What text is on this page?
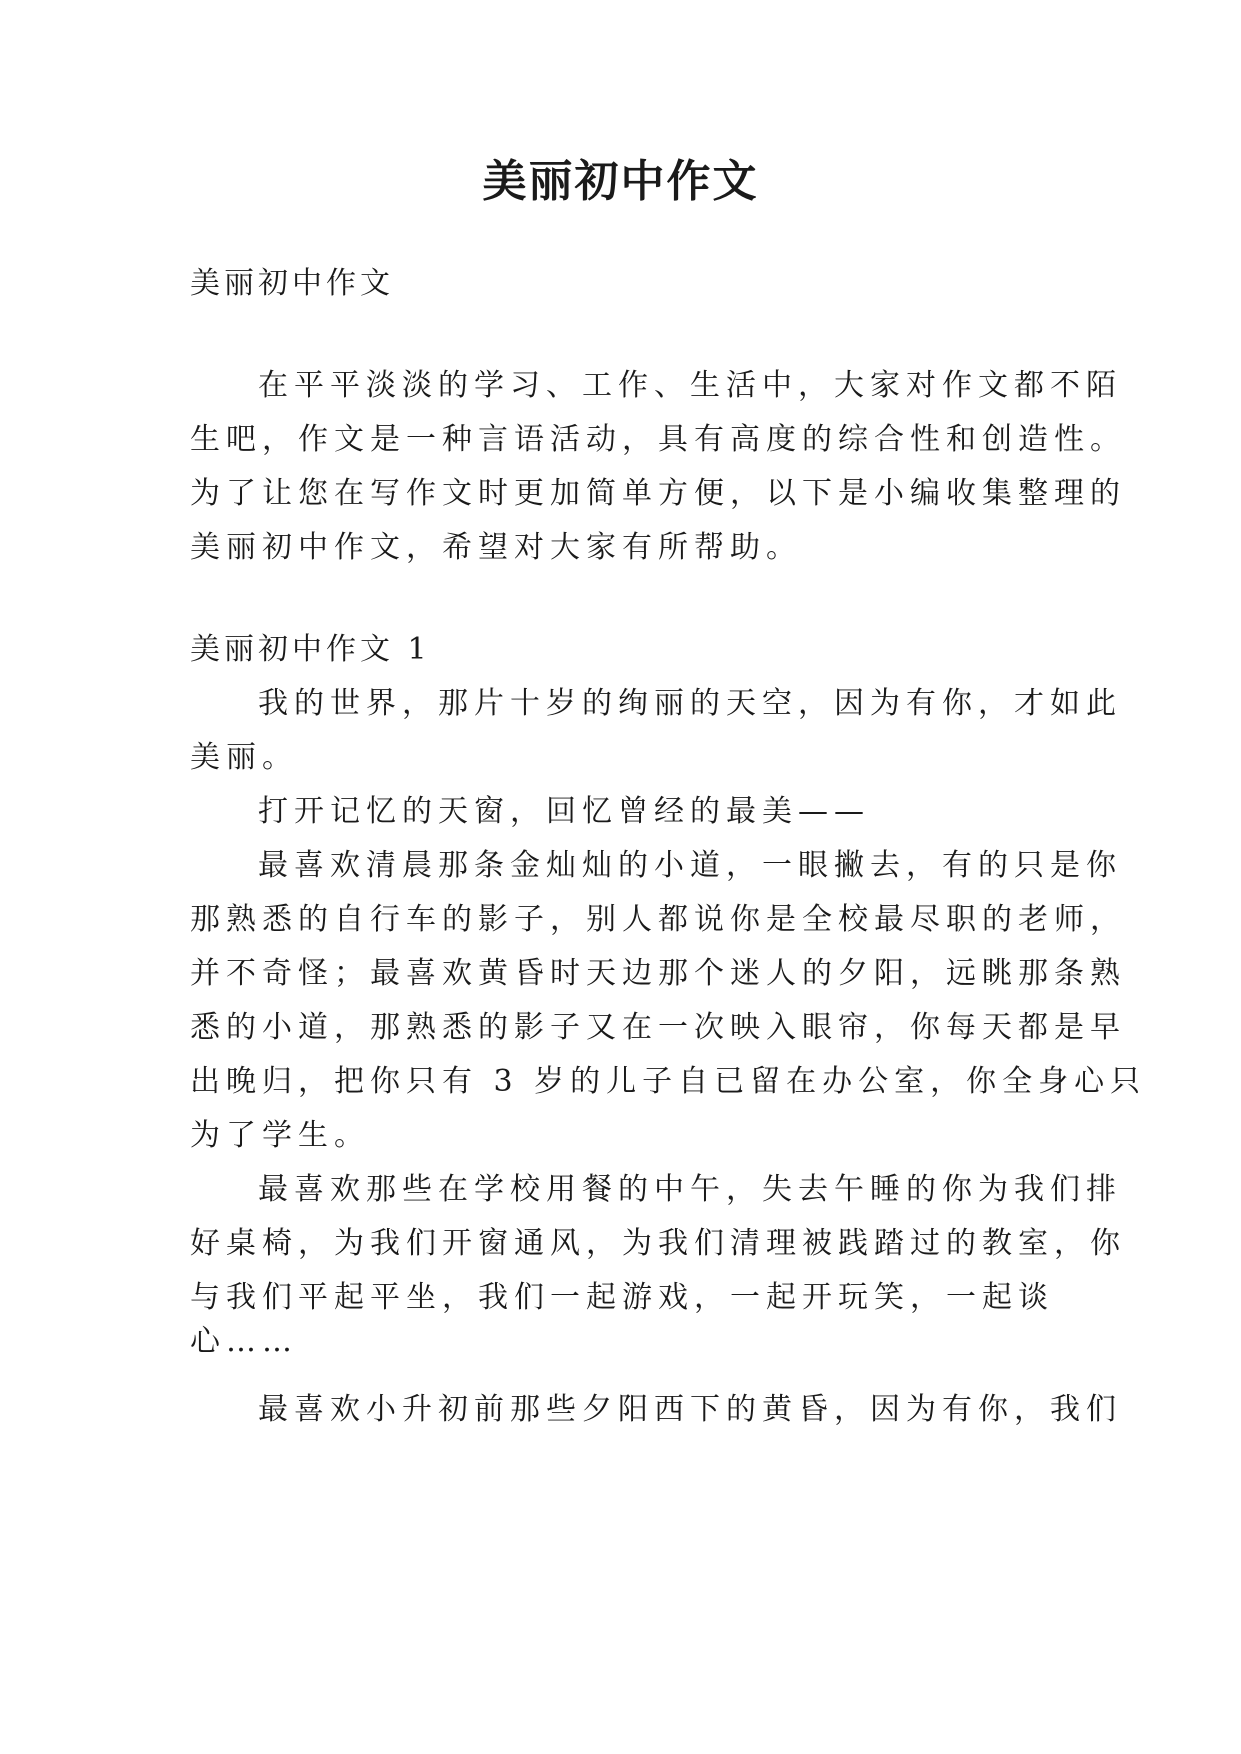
美丽初中作文

美丽初中作文

在平平淡淡的学习、工作、生活中，大家对作文都不陌

生吧，作文是一种言语活动，具有高度的综合性和创造性。

为了让您在写作文时更加简单方便，以下是小编收集整理的

美丽初中作文，希望对大家有所帮助。

美丽初中作文 1

我的世界，那片十岁的绚丽的天空，因为有你，才如此

美丽。

打开记忆的天窗，回忆曾经的最美——

最喜欢清晨那条金灿灿的小道，一眼撇去，有的只是你

那熟悉的自行车的影子，别人都说你是全校最尽职的老师，

并不奇怪；最喜欢黄昏时天边那个迷人的夕阳，远眺那条熟

悉的小道，那熟悉的影子又在一次映入眼帘，你每天都是早

出晚归，把你只有 3 岁的儿子自已留在办公室，你全身心只

为了学生。

最喜欢那些在学校用餐的中午，失去午睡的你为我们排

好桌椅，为我们开窗通风，为我们清理被践踏过的教室，你

与我们平起平坐，我们一起游戏，一起开玩笑，一起谈

心……

最喜欢小升初前那些夕阳西下的黄昏，因为有你，我们
